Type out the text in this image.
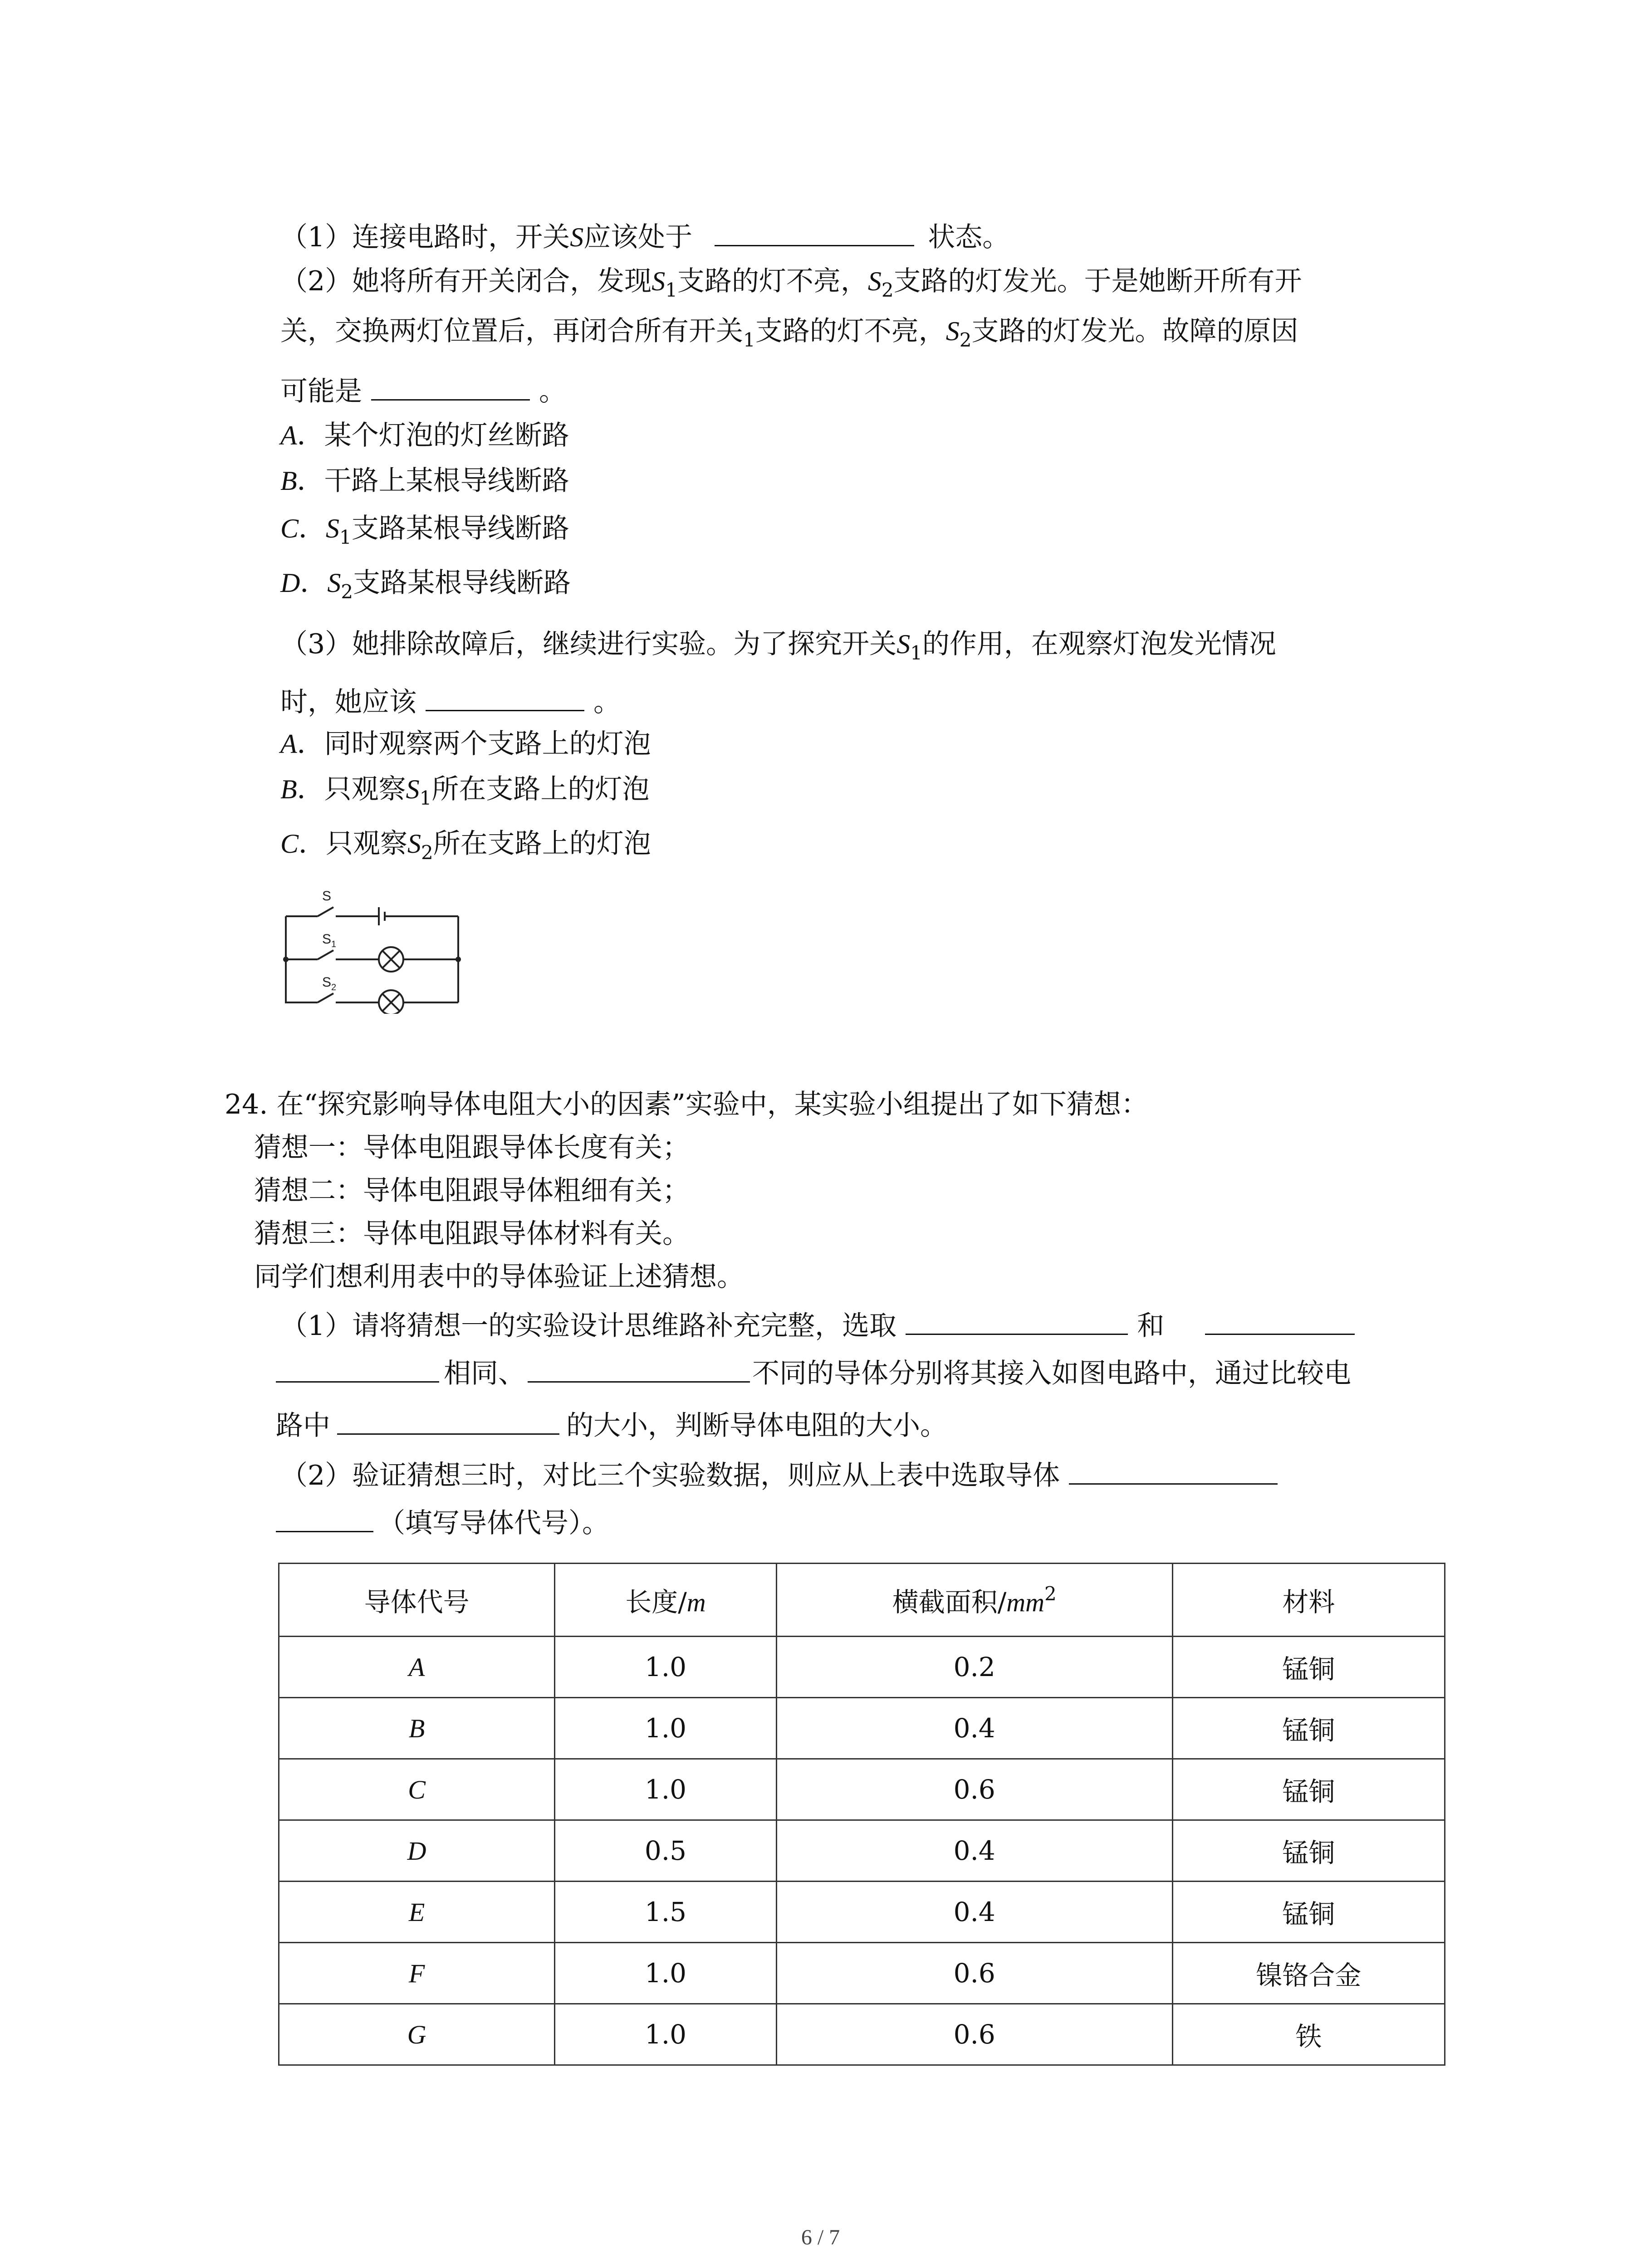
（1）连接电路时，开关S应该处于	状态。
（2）她将所有开关闭合，发现$S_1$支路的灯不亮，$S_2$支路的灯发光。于是她断开所有开
关，交换两灯位置后，再闭合所有开关$_1$支路的灯不亮，$S_2$支路的灯发光。故障的原因
可能是	。
A．某个灯泡的灯丝断路
B．干路上某根导线断路
C．$S_1$支路某根导线断路
D．$S_2$支路某根导线断路
（3）她排除故障后，继续进行实验。为了探究开关$S_1$的作用，在观察灯泡发光情况
时，她应该	。
A．同时观察两个支路上的灯泡
B．只观察$S_1$所在支路上的灯泡
C．只观察$S_2$所在支路上的灯泡
S
$S_1$
$S_2$
24. 在“探究影响导体电阻大小的因素”实验中，某实验小组提出了如下猜想：
猜想一：导体电阻跟导体长度有关；
猜想二：导体电阻跟导体粗细有关；
猜想三：导体电阻跟导体材料有关。
同学们想利用表中的导体验证上述猜想。
（1）请将猜想一的实验设计思维路补充完整，选取	和
相同、	不同的导体分别将其接入如图电路中，通过比较电
路中	的大小，判断导体电阻的大小。
（2）验证猜想三时，对比三个实验数据，则应从上表中选取导体
（填写导体代号）。
导体代号	长度/m	横截面积$/mm^2$	材料
A	1.0	0.2	锰铜
B	1.0	0.4	锰铜
C	1.0	0.6	锰铜
D	0.5	0.4	锰铜
E	1.5	0.4	锰铜
F	1.0	0.6	镍铬合金
G	1.0	0.6	铁
6 / 7
